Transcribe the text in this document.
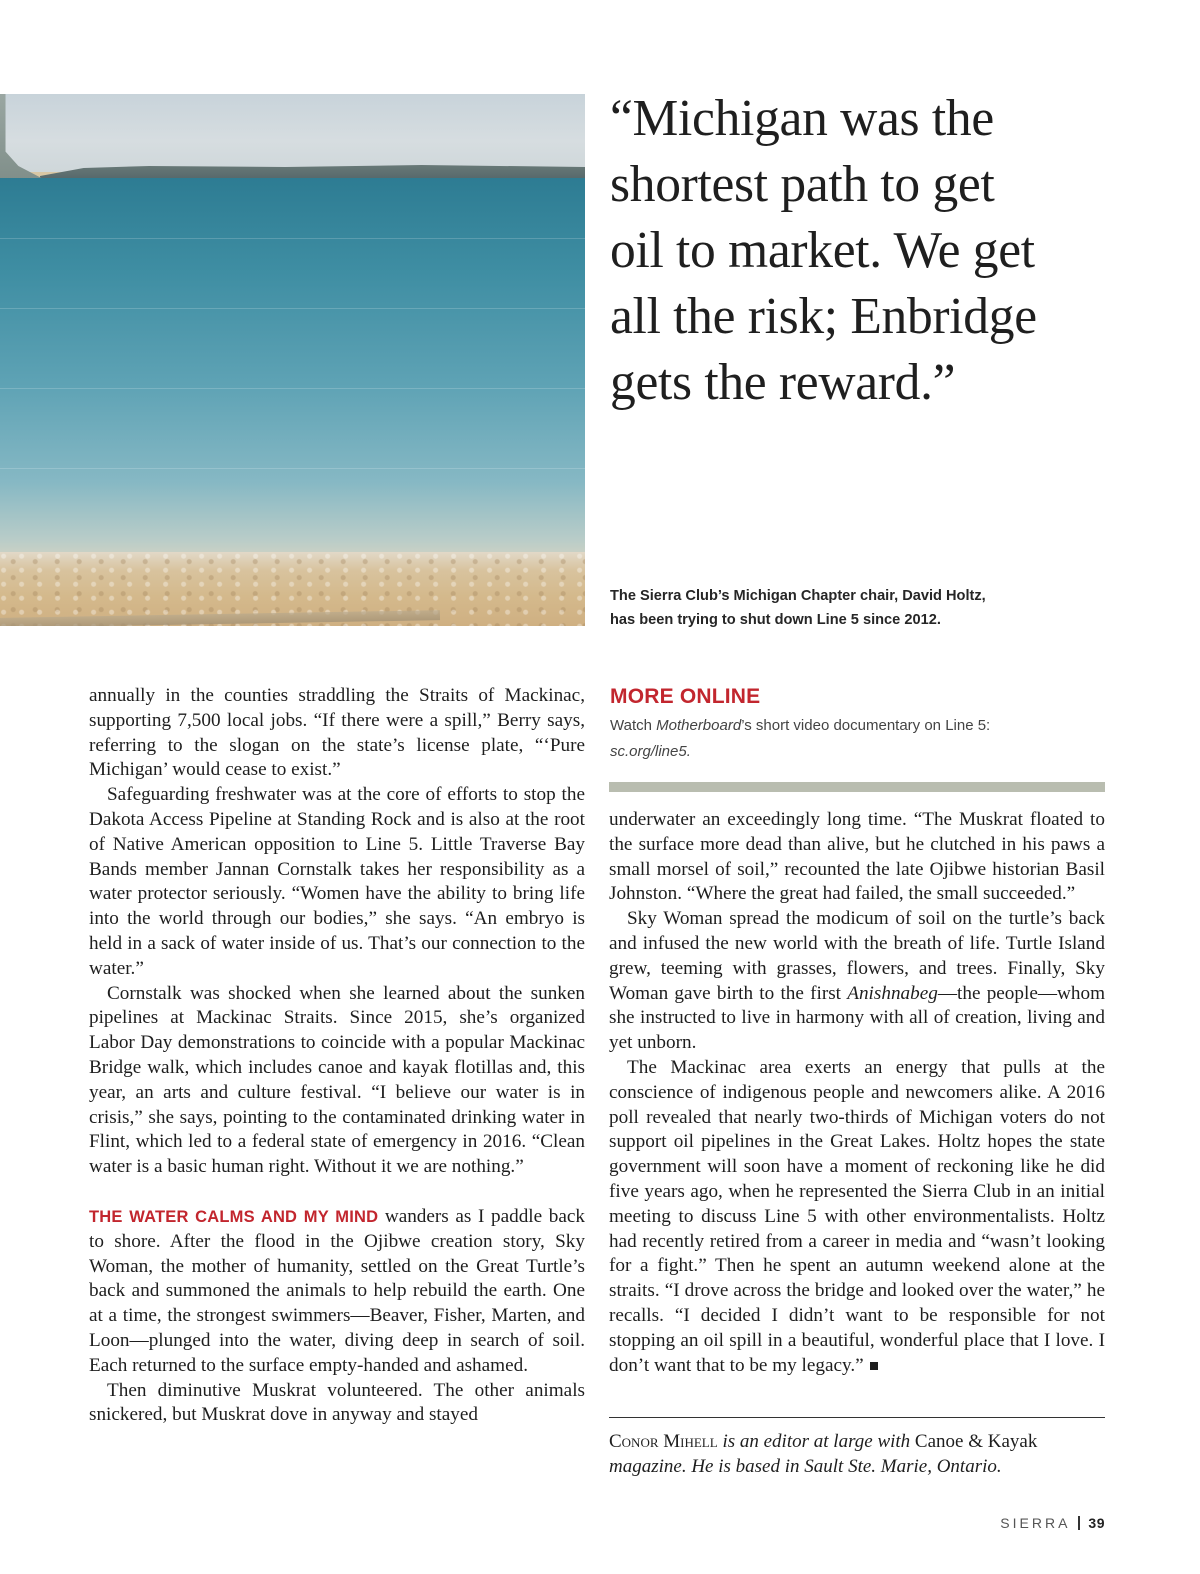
“Michigan was the
shortest path to get
oil to market. We get
all the risk; Enbridge
gets the reward.”
The Sierra Club’s Michigan Chapter chair, David Holtz,
has been trying to shut down Line 5 since 2012.

annually in the counties straddling the Straits of Mackinac, supporting 7,500 local jobs. “If there were a spill,” Berry says, referring to the slogan on the state’s license plate, “‘Pure Michigan’ would cease to exist.”

Safeguarding freshwater was at the core of efforts to stop the Dakota Access Pipeline at Standing Rock and is also at the root of Native American opposition to Line 5. Little Traverse Bay Bands member Jannan Cornstalk takes her responsibility as a water protector seriously. “Women have the ability to bring life into the world through our bodies,” she says. “An embryo is held in a sack of water inside of us. That’s our connection to the water.”

Cornstalk was shocked when she learned about the sunken pipelines at Mackinac Straits. Since 2015, she’s organized Labor Day demonstrations to coincide with a popular Mackinac Bridge walk, which includes canoe and kayak flotillas and, this year, an arts and culture festival. “I believe our water is in crisis,” she says, pointing to the contaminated drinking water in Flint, which led to a federal state of emergency in 2016. “Clean water is a basic human right. Without it we are nothing.”

THE WATER CALMS AND MY MIND wanders as I paddle back to shore. After the flood in the Ojibwe creation story, Sky Woman, the mother of humanity, settled on the Great Turtle’s back and summoned the animals to help rebuild the earth. One at a time, the strongest swimmers—Beaver, Fisher, Marten, and Loon—plunged into the water, diving deep in search of soil. Each returned to the surface empty-handed and ashamed.

Then diminutive Muskrat volunteered. The other animals snickered, but Muskrat dove in anyway and stayed

MORE ONLINE
Watch Motherboard’s short video documentary on Line 5:
sc.org/line5.

underwater an exceedingly long time. “The Muskrat floated to the surface more dead than alive, but he clutched in his paws a small morsel of soil,” recounted the late Ojibwe historian Basil Johnston. “Where the great had failed, the small succeeded.”

Sky Woman spread the modicum of soil on the turtle’s back and infused the new world with the breath of life. Turtle Island grew, teeming with grasses, flowers, and trees. Finally, Sky Woman gave birth to the first Anishnabeg—the people—whom she instructed to live in harmony with all of creation, living and yet unborn.

The Mackinac area exerts an energy that pulls at the conscience of indigenous people and newcomers alike. A 2016 poll revealed that nearly two-thirds of Michigan voters do not support oil pipelines in the Great Lakes. Holtz hopes the state government will soon have a moment of reckoning like he did five years ago, when he represented the Sierra Club in an initial meeting to discuss Line 5 with other environmentalists. Holtz had recently retired from a career in media and “wasn’t looking for a fight.” Then he spent an autumn weekend alone at the straits. “I drove across the bridge and looked over the water,” he recalls. “I decided I didn’t want to be responsible for not stopping an oil spill in a beautiful, wonderful place that I love. I don’t want that to be my legacy.”

Conor Mihell is an editor at large with Canoe & Kayak magazine. He is based in Sault Ste. Marie, Ontario.
SIERRA 39
